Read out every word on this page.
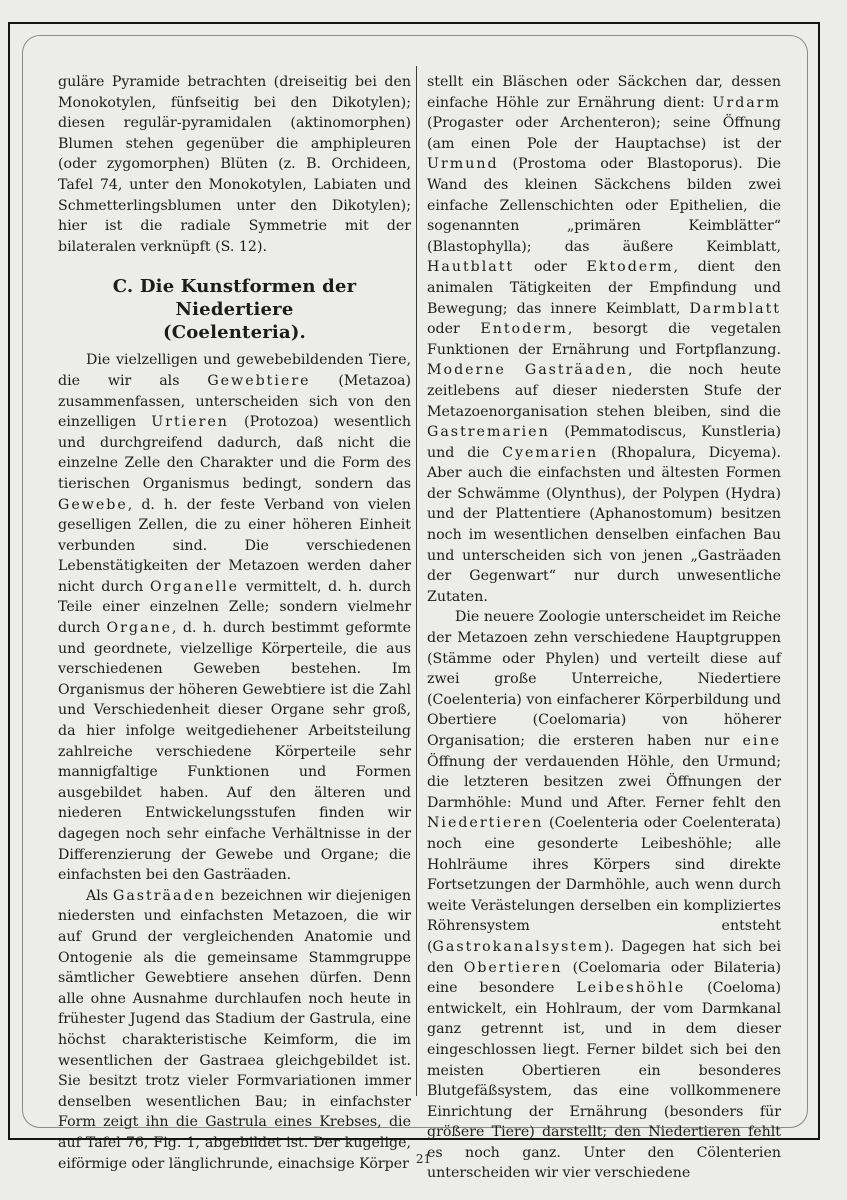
guläre Pyramide betrachten (dreiseitig bei den Monokotylen, fünfseitig bei den Dikotylen); diesen regulär-pyramidalen (aktinomorphen) Blumen stehen gegenüber die amphipleuren (oder zygomorphen) Blüten (z. B. Orchideen, Tafel 74, unter den Monokotylen, Labiaten und Schmetterlingsblumen unter den Dikotylen); hier ist die radiale Symmetrie mit der bilateralen verknüpft (S. 12).

C. Die Kunstformen der Niedertiere
(Coelenteria).

Die vielzelligen und gewebebildenden Tiere, die wir als Gewebtiere (Metazoa) zusammenfassen, unterscheiden sich von den einzelligen Urtieren (Protozoa) wesentlich und durchgreifend dadurch, daß nicht die einzelne Zelle den Charakter und die Form des tierischen Organismus bedingt, sondern das Gewebe, d. h. der feste Verband von vielen geselligen Zellen, die zu einer höheren Einheit verbunden sind. Die verschiedenen Lebenstätigkeiten der Metazoen werden daher nicht durch Organelle vermittelt, d. h. durch Teile einer einzelnen Zelle; sondern vielmehr durch Organe, d. h. durch bestimmt geformte und geordnete, vielzellige Körperteile, die aus verschiedenen Geweben bestehen. Im Organismus der höheren Gewebtiere ist die Zahl und Verschiedenheit dieser Organe sehr groß, da hier infolge weitgediehener Arbeitsteilung zahlreiche verschiedene Körperteile sehr mannigfaltige Funktionen und Formen ausgebildet haben. Auf den älteren und niederen Entwickelungsstufen finden wir dagegen noch sehr einfache Verhältnisse in der Differenzierung der Gewebe und Organe; die einfachsten bei den Gasträaden.

Als Gasträaden bezeichnen wir diejenigen niedersten und einfachsten Metazoen, die wir auf Grund der vergleichenden Anatomie und Ontogenie als die gemeinsame Stammgruppe sämtlicher Gewebtiere ansehen dürfen. Denn alle ohne Ausnahme durchlaufen noch heute in frühester Jugend das Stadium der Gastrula, eine höchst charakteristische Keimform, die im wesentlichen der Gastraea gleichgebildet ist. Sie besitzt trotz vieler Formvariationen immer denselben wesentlichen Bau; in einfachster Form zeigt ihn die Gastrula eines Krebses, die auf Tafel 76, Fig. 1, abgebildet ist. Der kugelige, eiförmige oder länglichrunde, einachsige Körper

stellt ein Bläschen oder Säckchen dar, dessen einfache Höhle zur Ernährung dient: Urdarm (Progaster oder Archenteron); seine Öffnung (am einen Pole der Hauptachse) ist der Urmund (Prostoma oder Blastoporus). Die Wand des kleinen Säckchens bilden zwei einfache Zellenschichten oder Epithelien, die sogenannten „primären Keimblätter“ (Blastophylla); das äußere Keimblatt, Hautblatt oder Ektoderm, dient den animalen Tätigkeiten der Empfindung und Bewegung; das innere Keimblatt, Darmblatt oder Entoderm, besorgt die vegetalen Funktionen der Ernährung und Fortpflanzung. Moderne Gasträaden, die noch heute zeitlebens auf dieser niedersten Stufe der Metazoenorganisation stehen bleiben, sind die Gastremarien (Pemmatodiscus, Kunstleria) und die Cyemarien (Rhopalura, Dicyema). Aber auch die einfachsten und ältesten Formen der Schwämme (Olynthus), der Polypen (Hydra) und der Plattentiere (Aphanostomum) besitzen noch im wesentlichen denselben einfachen Bau und unterscheiden sich von jenen „Gasträaden der Gegenwart“ nur durch unwesentliche Zutaten.

Die neuere Zoologie unterscheidet im Reiche der Metazoen zehn verschiedene Hauptgruppen (Stämme oder Phylen) und verteilt diese auf zwei große Unterreiche, Niedertiere (Coelenteria) von einfacherer Körperbildung und Obertiere (Coelomaria) von höherer Organisation; die ersteren haben nur eine Öffnung der verdauenden Höhle, den Urmund; die letzteren besitzen zwei Öffnungen der Darmhöhle: Mund und After. Ferner fehlt den Niedertieren (Coelenteria oder Coelenterata) noch eine gesonderte Leibeshöhle; alle Hohlräume ihres Körpers sind direkte Fortsetzungen der Darmhöhle, auch wenn durch weite Verästelungen derselben ein kompliziertes Röhrensystem entsteht (Gastrokanalsystem). Dagegen hat sich bei den Obertieren (Coelomaria oder Bilateria) eine besondere Leibeshöhle (Coeloma) entwickelt, ein Hohlraum, der vom Darmkanal ganz getrennt ist, und in dem dieser eingeschlossen liegt. Ferner bildet sich bei den meisten Obertieren ein besonderes Blutgefäßsystem, das eine vollkommenere Einrichtung der Ernährung (besonders für größere Tiere) darstellt; den Niedertieren fehlt es noch ganz. Unter den Cölenterien unterscheiden wir vier verschiedene

21
